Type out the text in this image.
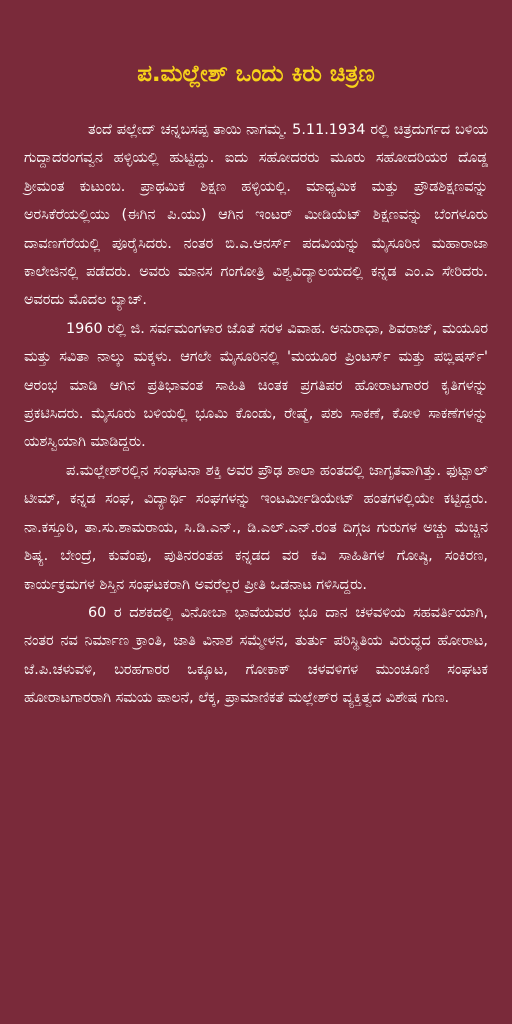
ಪ.ಮಲ್ಲೇಶ್ ಒಂದು ಕಿರು ಚಿತ್ರಣ

ತಂದೆ ಪಲ್ಲೇದ್ ಚನ್ನಬಸಪ್ಪ ತಾಯಿ ನಾಗಮ್ಮ. 5.11.1934 ರಲ್ಲಿ ಚಿತ್ರದುರ್ಗದ ಬಳಿಯ ಗುದ್ದಾದರಂಗವ್ವನ ಹಳ್ಳಿಯಲ್ಲಿ ಹುಟ್ಟಿದ್ದು. ಐದು ಸಹೋದರರು ಮೂರು ಸಹೋದರಿಯರ ದೊಡ್ಡ ಶ್ರೀಮಂತ ಕುಟುಂಬ. ಪ್ರಾಥಮಿಕ ಶಿಕ್ಷಣ ಹಳ್ಳಿಯಲ್ಲಿ. ಮಾಧ್ಯಮಿಕ ಮತ್ತು ಪ್ರೌಡಶಿಕ್ಷಣವನ್ನು ಅರಸಿಕೆರೆಯಲ್ಲಿಯು (ಈಗಿನ ಪಿ.ಯು) ಆಗಿನ ಇಂಟರ್ ಮೀಡಿಯೆಟ್ ಶಿಕ್ಷಣವನ್ನು ಬೆಂಗಳೂರು ದಾವಣಗೆರೆಯಲ್ಲಿ ಪೂರೈಸಿದರು. ನಂತರ ಬಿ.ಎ.ಆನರ್ಸ್ ಪದವಿಯನ್ನು ಮೈಸೂರಿನ ಮಹಾರಾಜಾ ಕಾಲೇಜಿನಲ್ಲಿ ಪಡೆದರು. ಅವರು ಮಾನಸ ಗಂಗೋತ್ರಿ ವಿಶ್ವವಿದ್ಯಾಲಯದಲ್ಲಿ ಕನ್ನಡ ಎಂ.ಎ ಸೇರಿದರು. ಅವರದು ಮೊದಲ ಬ್ಯಾಚ್.

1960 ರಲ್ಲಿ ಜಿ. ಸರ್ವಮಂಗಳಾರ ಜೊತೆ ಸರಳ ವಿವಾಹ. ಅನುರಾಧಾ, ಶಿವರಾಜ್, ಮಯೂರ ಮತ್ತು ಸವಿತಾ ನಾಲ್ಕು ಮಕ್ಕಳು. ಆಗಲೇ ಮೈಸೂರಿನಲ್ಲಿ 'ಮಯೂರ ಪ್ರಿಂಟರ್ಸ್ ಮತ್ತು ಪಬ್ಲಿಷರ್ಸ್' ಆರಂಭ ಮಾಡಿ ಆಗಿನ ಪ್ರತಿಭಾವಂತ ಸಾಹಿತಿ ಚಿಂತಕ ಪ್ರಗತಿಪರ ಹೋರಾಟಗಾರರ ಕೃತಿಗಳನ್ನು ಪ್ರಕಟಿಸಿದರು. ಮೈಸೂರು ಬಳಿಯಲ್ಲಿ ಭೂಮಿ ಕೊಂಡು, ರೇಷ್ಮೆ, ಪಶು ಸಾಕಣೆ, ಕೋಳಿ ಸಾಕಣೆಗಳನ್ನು ಯಶಸ್ವಿಯಾಗಿ ಮಾಡಿದ್ದರು.

ಪ.ಮಲ್ಲೇಶ್‌ರಲ್ಲಿನ ಸಂಘಟನಾ ಶಕ್ತಿ ಅವರ ಪ್ರೌಢ ಶಾಲಾ ಹಂತದಲ್ಲಿ ಜಾಗೃತವಾಗಿತ್ತು. ಫುಟ್ಬಾಲ್ ಟೀಮ್, ಕನ್ನಡ ಸಂಘ, ವಿದ್ಯಾರ್ಥಿ ಸಂಘಗಳನ್ನು ಇಂಟರ್ಮೀಡಿಯೇಟ್ ಹಂತಗಳಲ್ಲಿಯೇ ಕಟ್ಟಿದ್ದರು. ನಾ.ಕಸ್ತೂರಿ, ತಾ.ಸು.ಶಾಮರಾಯ, ಸಿ.ಡಿ.ಎನ್., ಡಿ.ಎಲ್.ಎನ್.ರಂತ ದಿಗ್ಗಜ ಗುರುಗಳ ಅಚ್ಚು ಮೆಚ್ಚಿನ ಶಿಷ್ಯ. ಬೇಂದ್ರೆ, ಕುವೆಂಪು, ಪುತಿನರಂತಹ ಕನ್ನಡದ ವರ ಕವಿ ಸಾಹಿತಿಗಳ ಗೋಷ್ಠಿ, ಸಂಕಿರಣ, ಕಾರ್ಯಕ್ರಮಗಳ ಶಿಸ್ತಿನ ಸಂಘಟಕರಾಗಿ ಅವರೆಲ್ಲರ ಪ್ರೀತಿ ಒಡನಾಟ ಗಳಿಸಿದ್ದರು.

60 ರ ದಶಕದಲ್ಲಿ ವಿನೋಬಾ ಭಾವೆಯವರ ಭೂ ದಾನ ಚಳವಳಿಯ ಸಹವರ್ತಿಯಾಗಿ, ನಂತರ ನವ ನಿರ್ಮಾಣ ಕ್ರಾಂತಿ, ಜಾತಿ ವಿನಾಶ ಸಮ್ಮೇಳನ, ತುರ್ತು ಪರಿಸ್ಥಿತಿಯ ವಿರುದ್ಧದ ಹೋರಾಟ, ಜೆ.ಪಿ.ಚಳುವಳಿ, ಬರಹಗಾರರ ಒಕ್ಕೂಟ, ಗೋಕಾಕ್ ಚಳವಳಿಗಳ ಮುಂಚೂಣಿ ಸಂಘಟಕ ಹೋರಾಟಗಾರರಾಗಿ ಸಮಯ ಪಾಲನೆ, ಲೆಕ್ಕ, ಪ್ರಾಮಾಣಿಕತೆ ಮಲ್ಲೇಶ್‌ರ ವ್ಯಕ್ತಿತ್ವದ ವಿಶೇಷ ಗುಣ.
